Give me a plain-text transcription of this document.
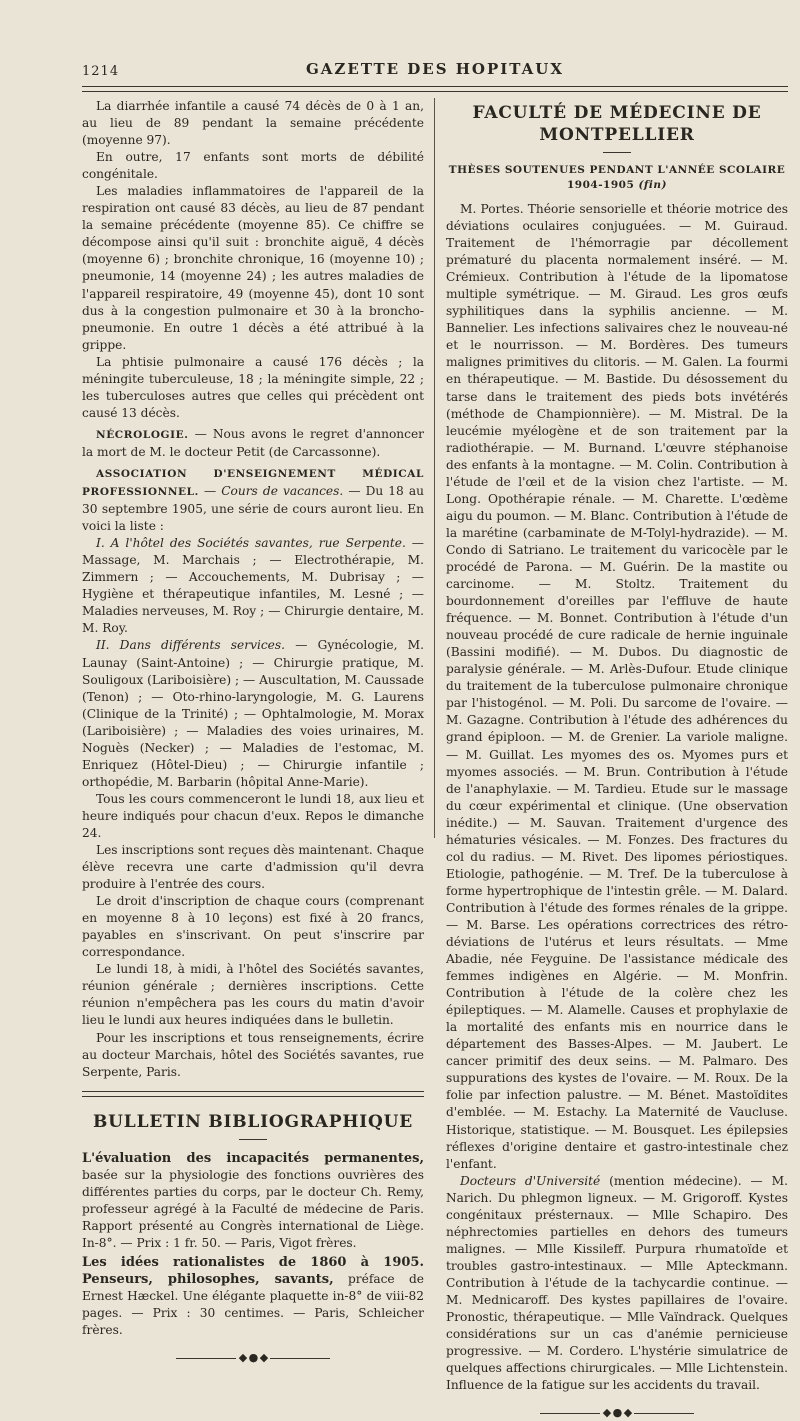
1214	GAZETTE DES HOPITAUX

La diarrhée infantile a causé 74 décès de 0 à 1 an, au lieu de 89 pendant la semaine précédente (moyenne 97).

En outre, 17 enfants sont morts de débilité congénitale.

Les maladies inflammatoires de l'appareil de la respiration ont causé 83 décès, au lieu de 87 pendant la semaine précédente (moyenne 85). Ce chiffre se décompose ainsi qu'il suit : bronchite aiguë, 4 décès (moyenne 6) ; bronchite chronique, 16 (moyenne 10) ; pneumonie, 14 (moyenne 24) ; les autres maladies de l'appareil respiratoire, 49 (moyenne 45), dont 10 sont dus à la congestion pulmonaire et 30 à la broncho-pneumonie. En outre 1 décès a été attribué à la grippe.

La phtisie pulmonaire a causé 176 décès ; la méningite tuberculeuse, 18 ; la méningite simple, 22 ; les tuberculoses autres que celles qui précèdent ont causé 13 décès.

NÉCROLOGIE. — Nous avons le regret d'annoncer la mort de M. le docteur Petit (de Carcassonne).

ASSOCIATION D'ENSEIGNEMENT MÉDICAL PROFESSIONNEL. — Cours de vacances. — Du 18 au 30 septembre 1905, une série de cours auront lieu. En voici la liste :

I. A l'hôtel des Sociétés savantes, rue Serpente. — Massage, M. Marchais ; — Electrothérapie, M. Zimmern ; — Accouchements, M. Dubrisay ; — Hygiène et thérapeutique infantiles, M. Lesné ; — Maladies nerveuses, M. Roy ; — Chirurgie dentaire, M. M. Roy.

II. Dans différents services. — Gynécologie, M. Launay (Saint-Antoine) ; — Chirurgie pratique, M. Souligoux (Lariboisière) ; — Auscultation, M. Caussade (Tenon) ; — Oto-rhino-laryngologie, M. G. Laurens (Clinique de la Trinité) ; — Ophtalmologie, M. Morax (Lariboisière) ; — Maladies des voies urinaires, M. Noguès (Necker) ; — Maladies de l'estomac, M. Enriquez (Hôtel-Dieu) ; — Chirurgie infantile ; orthopédie, M. Barbarin (hôpital Anne-Marie).

Tous les cours commenceront le lundi 18, aux lieu et heure indiqués pour chacun d'eux. Repos le dimanche 24.

Les inscriptions sont reçues dès maintenant. Chaque élève recevra une carte d'admission qu'il devra produire à l'entrée des cours.

Le droit d'inscription de chaque cours (comprenant en moyenne 8 à 10 leçons) est fixé à 20 francs, payables en s'inscrivant. On peut s'inscrire par correspondance.

Le lundi 18, à midi, à l'hôtel des Sociétés savantes, réunion générale ; dernières inscriptions. Cette réunion n'empêchera pas les cours du matin d'avoir lieu le lundi aux heures indiquées dans le bulletin.

Pour les inscriptions et tous renseignements, écrire au docteur Marchais, hôtel des Sociétés savantes, rue Serpente, Paris.

BULLETIN BIBLIOGRAPHIQUE

L'évaluation des incapacités permanentes, basée sur la physiologie des fonctions ouvrières des différentes parties du corps, par le docteur Ch. Remy, professeur agrégé à la Faculté de médecine de Paris. Rapport présenté au Congrès international de Liège. In-8°. — Prix : 1 fr. 50. — Paris, Vigot frères.

Les idées rationalistes de 1860 à 1905. Penseurs, philosophes, savants, préface de Ernest Hæckel. Une élégante plaquette in-8° de viii-82 pages. — Prix : 30 centimes. — Paris, Schleicher frères.

◆ ● ◆
FACULTÉ DE MÉDECINE DE MONTPELLIER
THÈSES SOUTENUES PENDANT L'ANNÉE SCOLAIRE 1904-1905 (fin)

M. Portes. Théorie sensorielle et théorie motrice des déviations oculaires conjuguées. — M. Guiraud. Traitement de l'hémorragie par décollement prématuré du placenta normalement inséré. — M. Crémieux. Contribution à l'étude de la lipomatose multiple symétrique. — M. Giraud. Les gros œufs syphilitiques dans la syphilis ancienne. — M. Bannelier. Les infections salivaires chez le nouveau-né et le nourrisson. — M. Bordères. Des tumeurs malignes primitives du clitoris. — M. Galen. La fourmi en thérapeutique. — M. Bastide. Du désossement du tarse dans le traitement des pieds bots invétérés (méthode de Championnière). — M. Mistral. De la leucémie myélogène et de son traitement par la radiothérapie. — M. Burnand. L'œuvre stéphanoise des enfants à la montagne. — M. Colin. Contribution à l'étude de l'œil et de la vision chez l'artiste. — M. Long. Opothérapie rénale. — M. Charette. L'œdème aigu du poumon. — M. Blanc. Contribution à l'étude de la marétine (carbaminate de M-Tolyl-hydrazide). — M. Condo di Satriano. Le traitement du varicocèle par le procédé de Parona. — M. Guérin. De la mastite ou carcinome. — M. Stoltz. Traitement du bourdonnement d'oreilles par l'effluve de haute fréquence. — M. Bonnet. Contribution à l'étude d'un nouveau procédé de cure radicale de hernie inguinale (Bassini modifié). — M. Dubos. Du diagnostic de paralysie générale. — M. Arlès-Dufour. Etude clinique du traitement de la tuberculose pulmonaire chronique par l'histogénol. — M. Poli. Du sarcome de l'ovaire. — M. Gazagne. Contribution à l'étude des adhérences du grand épiploon. — M. de Grenier. La variole maligne. — M. Guillat. Les myomes des os. Myomes purs et myomes associés. — M. Brun. Contribution à l'étude de l'anaphylaxie. — M. Tardieu. Etude sur le massage du cœur expérimental et clinique. (Une observation inédite.) — M. Sauvan. Traitement d'urgence des hématuries vésicales. — M. Fonzes. Des fractures du col du radius. — M. Rivet. Des lipomes périostiques. Etiologie, pathogénie. — M. Tref. De la tuberculose à forme hypertrophique de l'intestin grêle. — M. Dalard. Contribution à l'étude des formes rénales de la grippe. — M. Barse. Les opérations correctrices des rétro-déviations de l'utérus et leurs résultats. — Mme Abadie, née Feyguine. De l'assistance médicale des femmes indigènes en Algérie. — M. Monfrin. Contribution à l'étude de la colère chez les épileptiques. — M. Alamelle. Causes et prophylaxie de la mortalité des enfants mis en nourrice dans le département des Basses-Alpes. — M. Jaubert. Le cancer primitif des deux seins. — M. Palmaro. Des suppurations des kystes de l'ovaire. — M. Roux. De la folie par infection palustre. — M. Bénet. Mastoïdites d'emblée. — M. Estachy. La Maternité de Vaucluse. Historique, statistique. — M. Bousquet. Les épilepsies réflexes d'origine dentaire et gastro-intestinale chez l'enfant.

Docteurs d'Université (mention médecine). — M. Narich. Du phlegmon ligneux. — M. Grigoroff. Kystes congénitaux présternaux. — Mlle Schapiro. Des néphrectomies partielles en dehors des tumeurs malignes. — Mlle Kissileff. Purpura rhumatoïde et troubles gastro-intestinaux. — Mlle Apteckmann. Contribution à l'étude de la tachycardie continue. — M. Mednicaroff. Des kystes papillaires de l'ovaire. Pronostic, thérapeutique. — Mlle Vaïndrack. Quelques considérations sur un cas d'anémie pernicieuse progressive. — M. Cordero. L'hystérie simulatrice de quelques affections chirurgicales. — Mlle Lichtenstein. Influence de la fatigue sur les accidents du travail.

◆ ● ◆
